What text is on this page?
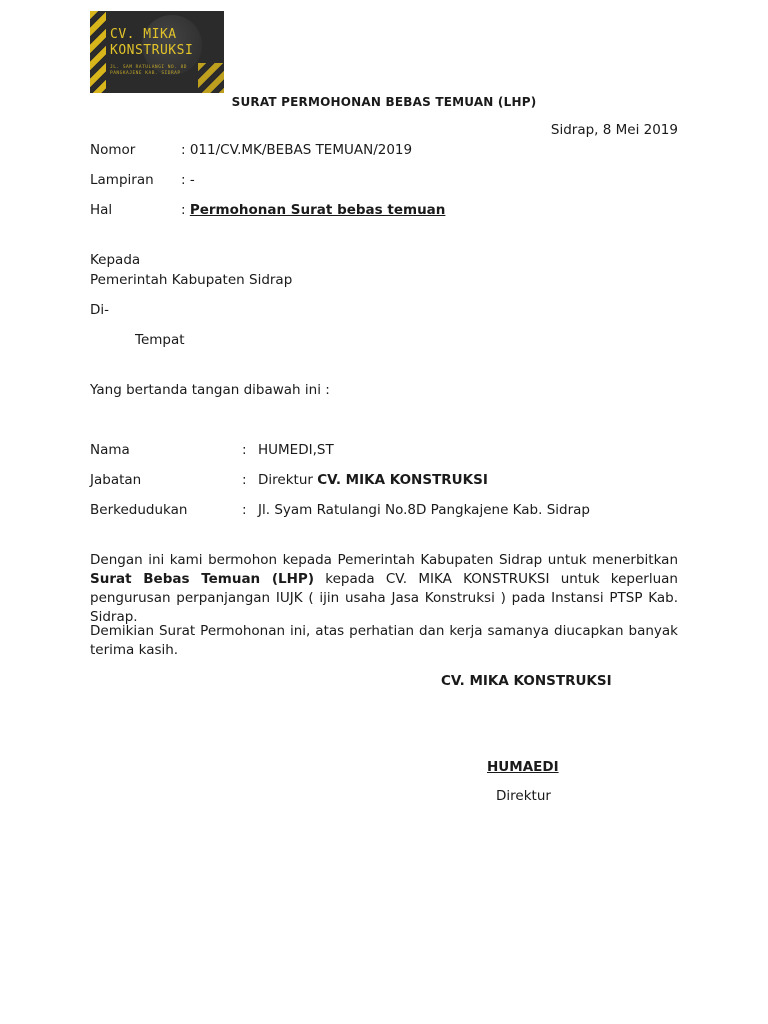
CV. MIKA
KONSTRUKSI
JL. SAM RATULANGI NO. 8D
PANGKAJENE KAB. SIDRAP
SURAT PERMOHONAN BEBAS TEMUAN (LHP)
Sidrap, 8 Mei 2019
Nomor	: 011/CV.MK/BEBAS TEMUAN/2019
Lampiran : -
Hal	: Permohonan Surat bebas temuan
Kepada
Pemerintah Kabupaten Sidrap
Di-
Tempat
Yang bertanda tangan dibawah ini :
Nama	: HUMEDI,ST
Jabatan	: Direktur CV. MIKA KONSTRUKSI
Berkedudukan	: Jl. Syam Ratulangi No.8D Pangkajene Kab. Sidrap
Dengan ini kami bermohon kepada Pemerintah Kabupaten Sidrap untuk menerbitkan Surat Bebas Temuan (LHP) kepada CV. MIKA KONSTRUKSI untuk keperluan pengurusan perpanjangan IUJK ( ijin usaha Jasa Konstruksi ) pada Instansi PTSP Kab. Sidrap.
Demikian Surat Permohonan ini, atas perhatian dan kerja samanya diucapkan banyak terima kasih.
CV. MIKA KONSTRUKSI
HUMAEDI
Direktur
